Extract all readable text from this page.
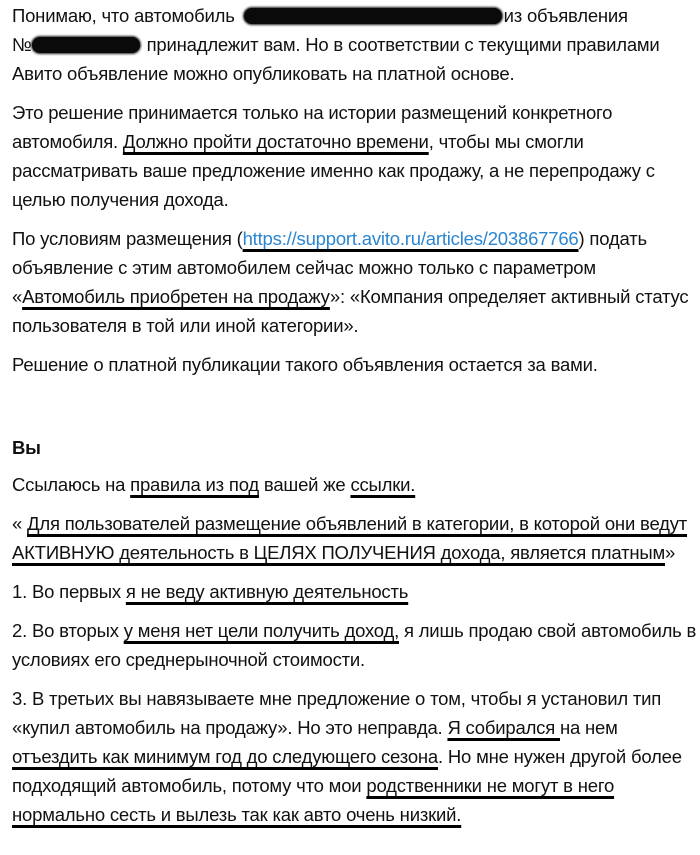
Понимаю, что автомобиль	из объявления
№	принадлежит вам. Но в соответствии с текущими правилами Авито объявление можно опубликовать на платной основе.

Это решение принимается только на истории размещений конкретного автомобиля. Должно пройти достаточно времени, чтобы мы смогли рассматривать ваше предложение именно как продажу, а не перепродажу с целью получения дохода.

По условиям размещения (https://support.avito.ru/articles/203867766) подать объявление с этим автомобилем сейчас можно только с параметром «Автомобиль приобретен на продажу»: «Компания определяет активный статус пользователя в той или иной категории».

Решение о платной публикации такого объявления остается за вами.

Вы

Ссылаюсь на правила из под вашей же ссылки.

« Для пользователей размещение объявлений в категории, в которой они ведут АКТИВНУЮ деятельность в ЦЕЛЯХ ПОЛУЧЕНИЯ дохода, является платным»

1. Во первых я не веду активную деятельность

2. Во вторых у меня нет цели получить доход, я лишь продаю свой автомобиль в условиях его среднерыночной стоимости.

3. В третьих вы навязываете мне предложение о том, чтобы я установил тип «купил автомобиль на продажу». Но это неправда. Я собирался на нем отъездить как минимум год до следующего сезона. Но мне нужен другой более подходящий автомобиль, потому что мои родственники не могут в него нормально сесть и вылезь так как авто очень низкий.
